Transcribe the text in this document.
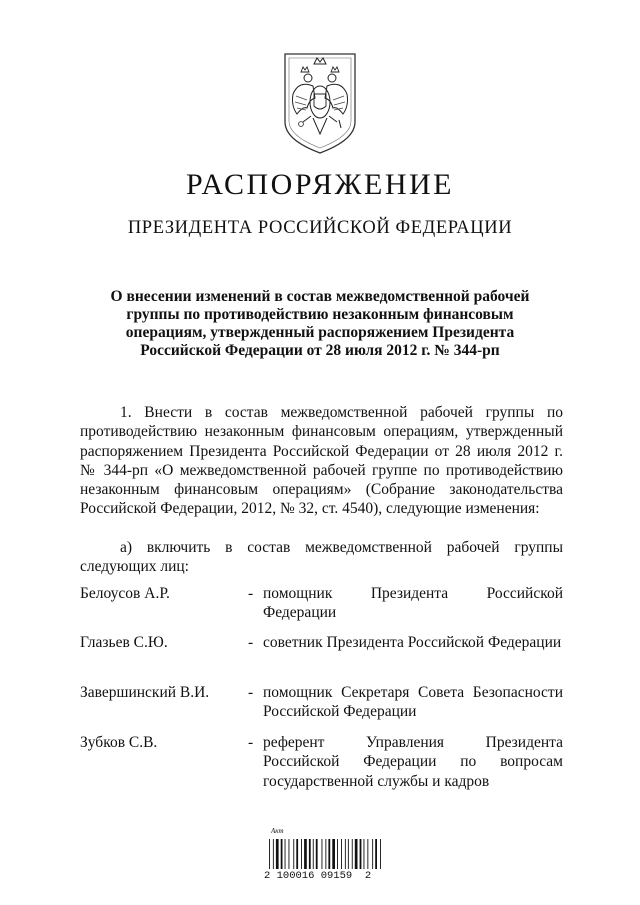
РАСПОРЯЖЕНИЕ
ПРЕЗИДЕНТА РОССИЙСКОЙ ФЕДЕРАЦИИ
О внесении изменений в состав межведомственной рабочей
группы по противодействию незаконным финансовым
операциям, утвержденный распоряжением Президента
Российской Федерации от 28 июля 2012 г. № 344-рп
1. Внести в состав межведомственной рабочей группы по противодействию незаконным финансовым операциям, утвержденный распоряжением Президента Российской Федерации от 28 июля 2012 г. № 344-рп «О межведомственной рабочей группе по противодействию незаконным финансовым операциям» (Собрание законодательства Российской Федерации, 2012, № 32, ст. 4540), следующие изменения:
а) включить в состав межведомственной рабочей группы следующих лиц:
Белоусов А.Р.	- помощник Президента Российской Федерации
Глазьев С.Ю.	- советник Президента Российской Федерации
Завершинский В.И.	- помощник Секретаря Совета Безопасности Российской Федерации
Зубков С.В.	- референт Управления Президента Российской Федерации по вопросам государственной службы и кадров
Акт
2 100016 09159  2
